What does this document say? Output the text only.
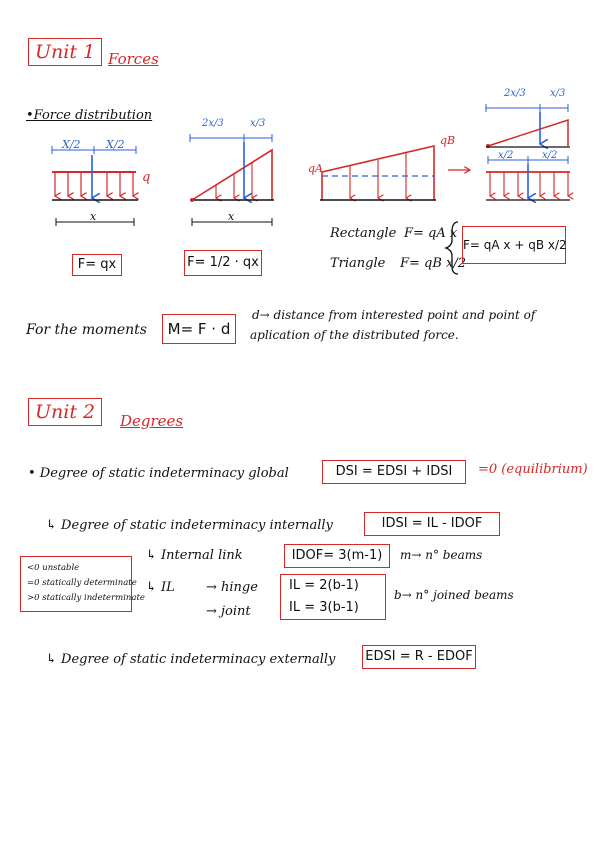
Unit 1 Forces
•Force distribution
X/2 X/2
q
x
F= qx
2x/3	x/3
x
F= 1/2 · qx
qA
qB
2x/3 x/3
x/2	x/2
Rectangle F= qA x
Triangle F= qB x/2
F= qA x + qB x/2
For the moments	M= F · d
d→ distance from interested point and point of
aplication of the distributed force.
Unit 2	Degrees
• Degree of static indeterminacy global	DSI = EDSI + IDSI	=0 (equilibrium)
↳ Degree of static indeterminacy internally	IDSI = IL - IDOF
↳ Internal link	IDOF= 3(m-1)	m→ n° beams
<0 unstable
=0 statically determinate
>0 statically indeterminate
↳ IL → hinge
→ joint
IL = 2(b-1)
IL = 3(b-1)
b→ n° joined beams
↳ Degree of static indeterminacy externally EDSI = R - EDOF
